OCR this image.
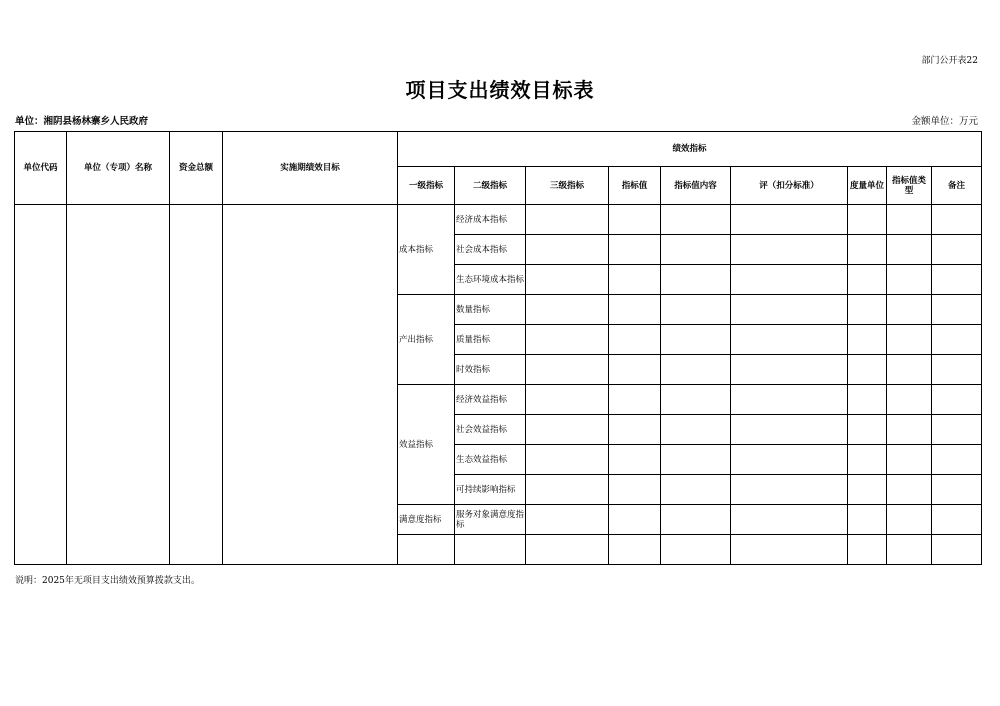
部门公开表22
项目支出绩效目标表
单位：湘阴县杨林寨乡人民政府	金额单位：万元
单位代码	单位（专项）名称	资金总额	实施期绩效目标	绩效指标								
				一级指标	二级指标	三级指标	指标值	指标值内容	评（扣分标准）	度量单位	指标值类型	备注
				成本指标	经济成本指标							
					社会成本指标							
					生态环境成本指标							
				产出指标	数量指标							
					质量指标							
					时效指标							
				效益指标	经济效益指标							
					社会效益指标							
					生态效益指标							
					可持续影响指标							
				满意度指标	服务对象满意度指标							

说明：2025年无项目支出绩效预算拨款支出。
